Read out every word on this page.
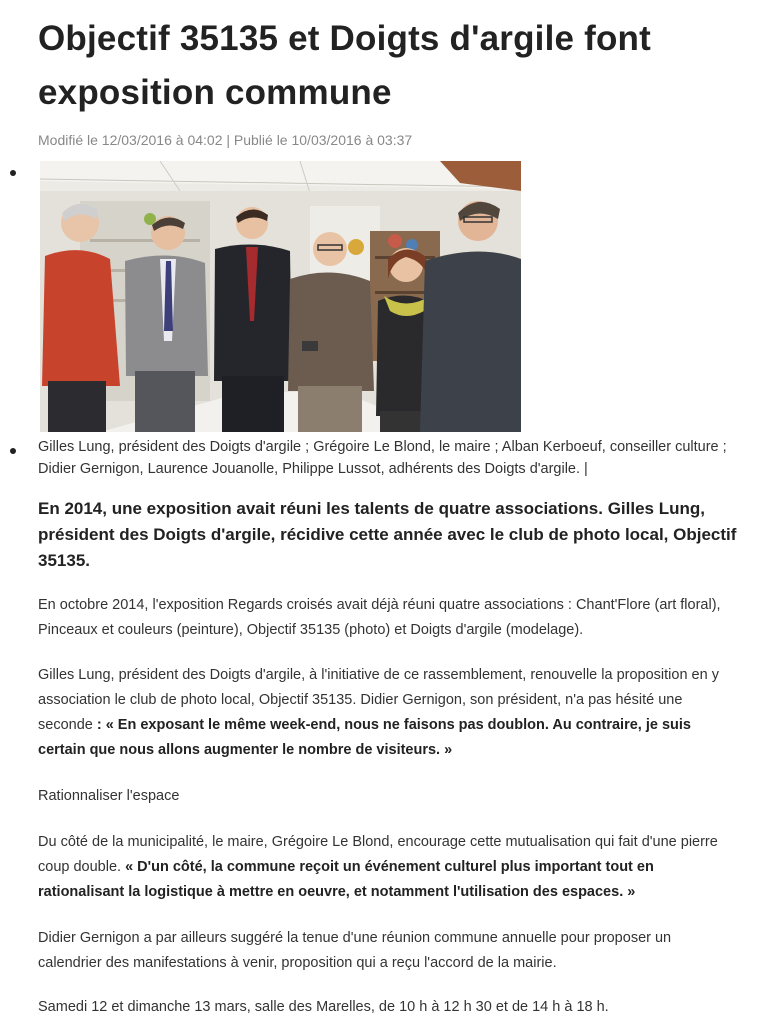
Objectif 35135 et Doigts d'argile font exposition commune
Modifié le 12/03/2016 à 04:02 | Publié le 10/03/2016 à 03:37
Gilles Lung, président des Doigts d'argile ; Grégoire Le Blond, le maire ; Alban Kerboeuf, conseiller culture ; Didier Gernigon, Laurence Jouanolle, Philippe Lussot, adhérents des Doigts d'argile. |
En 2014, une exposition avait réuni les talents de quatre associations. Gilles Lung, président des Doigts d'argile, récidive cette année avec le club de photo local, Objectif 35135.
En octobre 2014, l'exposition Regards croisés avait déjà réuni quatre associations : Chant'Flore (art floral), Pinceaux et couleurs (peinture), Objectif 35135 (photo) et Doigts d'argile (modelage).
Gilles Lung, président des Doigts d'argile, à l'initiative de ce rassemblement, renouvelle la proposition en y association le club de photo local, Objectif 35135. Didier Gernigon, son président, n'a pas hésité une seconde : « En exposant le même week-end, nous ne faisons pas doublon. Au contraire, je suis certain que nous allons augmenter le nombre de visiteurs. »
Rationnaliser l'espace
Du côté de la municipalité, le maire, Grégoire Le Blond, encourage cette mutualisation qui fait d'une pierre coup double. « D'un côté, la commune reçoit un événement culturel plus important tout en rationalisant la logistique à mettre en oeuvre, et notamment l'utilisation des espaces. »
Didier Gernigon a par ailleurs suggéré la tenue d'une réunion commune annuelle pour proposer un calendrier des manifestations à venir, proposition qui a reçu l'accord de la mairie.
Samedi 12 et dimanche 13 mars, salle des Marelles, de 10 h à 12 h 30 et de 14 h à 18 h.
